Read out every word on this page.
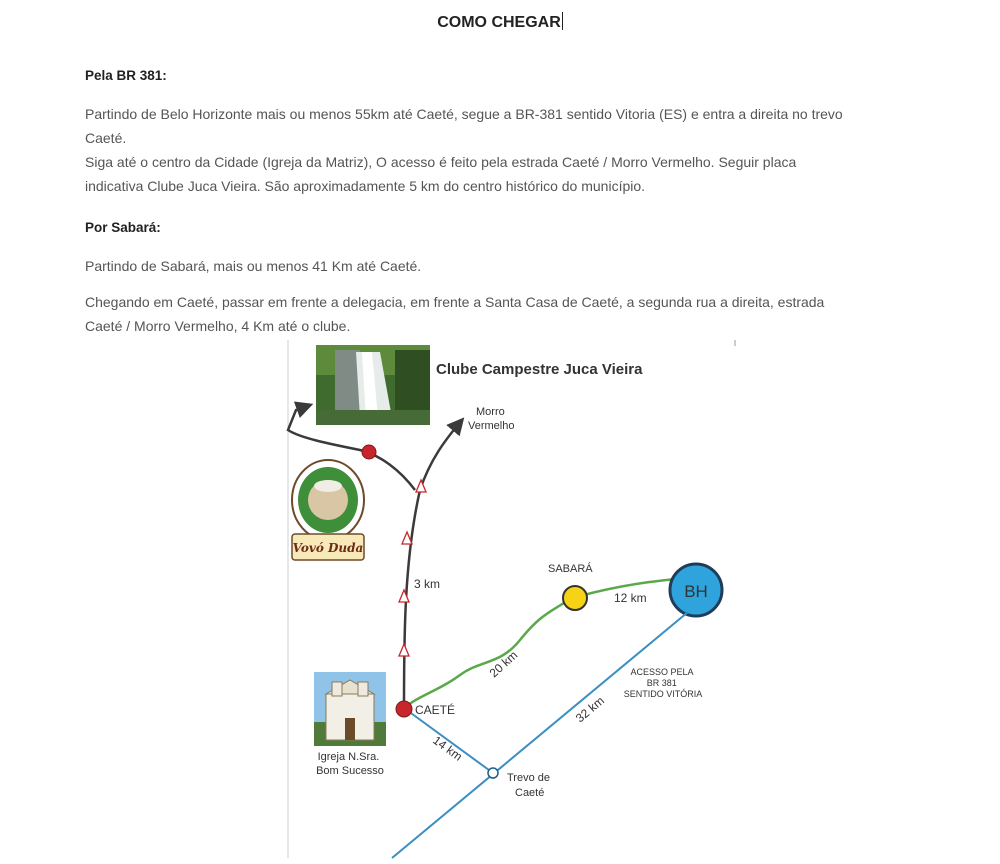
COMO CHEGAR
Pela BR 381:
Partindo de Belo Horizonte mais ou menos 55km até Caeté, segue a BR-381 sentido Vitoria (ES) e entra a direita no trevo
Caeté.
Siga até o centro da Cidade (Igreja da Matriz), O acesso é feito pela estrada Caeté / Morro Vermelho. Seguir placa
indicativa Clube Juca Vieira. São aproximadamente 5 km do centro histórico do município.
Por Sabará:
Partindo de Sabará, mais ou menos 41 Km até Caeté.
Chegando em Caeté, passar em frente a delegacia, em frente a Santa Casa de Caeté, a segunda rua a direita, estrada
Caeté / Morro Vermelho, 4 Km até o clube.
Clube Campestre Juca Vieira
Morro Vermelho
Vovó Duda
3 km
SABARÁ
12 km BH
20 km	ACESSO PELA BR 381 SENTIDO VITÓRIA
32 km
CAETÉ
14 km
Trevo de Caeté
Igreja N.Sra. Bom Sucesso
